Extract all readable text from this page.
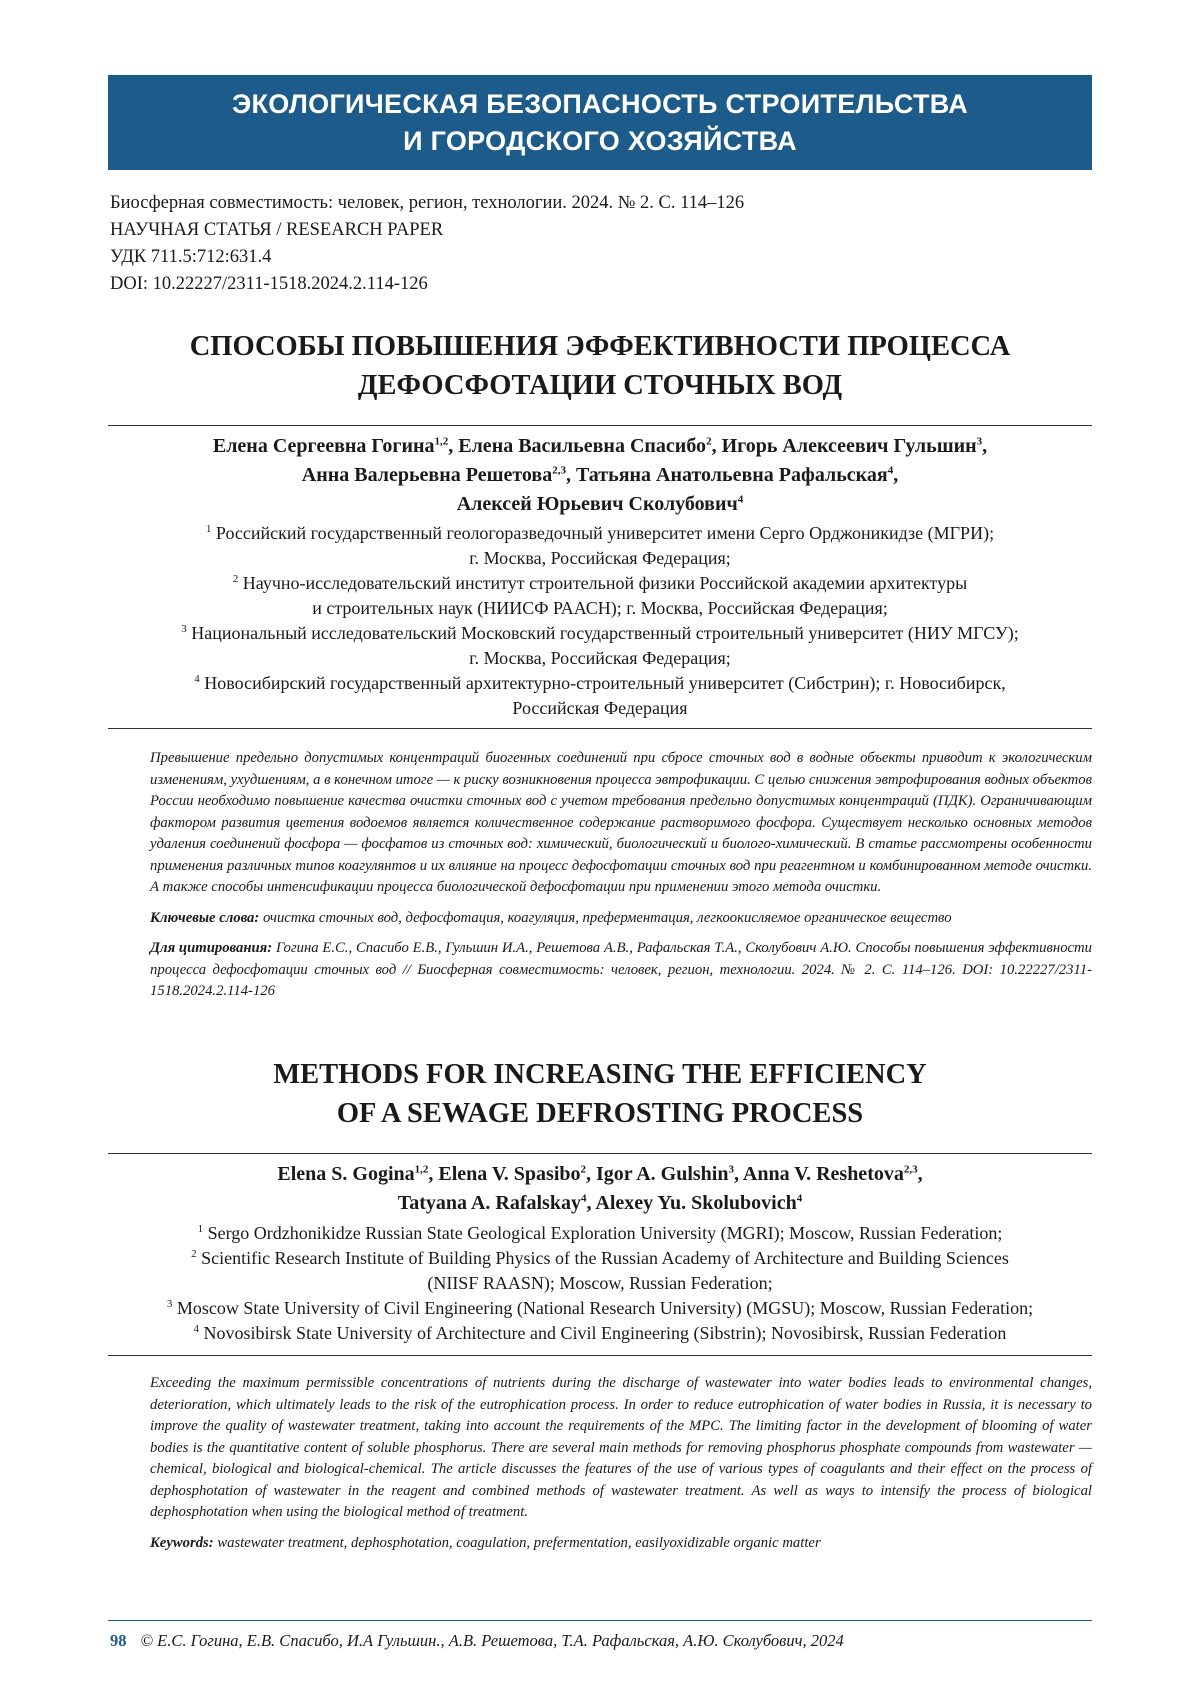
ЭКОЛОГИЧЕСКАЯ БЕЗОПАСНОСТЬ СТРОИТЕЛЬСТВА
И ГОРОДСКОГО ХОЗЯЙСТВА
Биосферная совместимость: человек, регион, технологии. 2024. № 2. С. 114–126
НАУЧНАЯ СТАТЬЯ / RESEARCH PAPER
УДК 711.5:712:631.4
DOI: 10.22227/2311-1518.2024.2.114-126
СПОСОБЫ ПОВЫШЕНИЯ ЭФФЕКТИВНОСТИ ПРОЦЕССА
ДЕФОСФОТАЦИИ СТОЧНЫХ ВОД
Елена Сергеевна Гогина$^{1,2}$, Елена Васильевна Спасибо$^2$, Игорь Алексеевич Гульшин$^3$,
Анна Валерьевна Решетова$^{2,3}$, Татьяна Анатольевна Рафальская$^4$,
Алексей Юрьевич Сколубович$^4$
$^1$ Российский государственный геологоразведочный университет имени Серго Орджоникидзе (МГРИ);
г. Москва, Российская Федерация;
$^2$ Научно-исследовательский институт строительной физики Российской академии архитектуры
и строительных наук (НИИСФ РААСН); г. Москва, Российская Федерация;
$^3$ Национальный исследовательский Московский государственный строительный университет (НИУ МГСУ);
г. Москва, Российская Федерация;
$^4$ Новосибирский государственный архитектурно-строительный университет (Сибстрин); г. Новосибирск,
Российская Федерация
Превышение предельно допустимых концентраций биогенных соединений при сбросе сточных вод в водные объекты приводит к экологическим изменениям, ухудшениям, а в конечном итоге — к риску возникновения процесса эвтрофикации. С целью снижения эвтрофирования водных объектов России необходимо повышение качества очистки сточных вод с учетом требования предельно допустимых концентраций (ПДК). Ограничивающим фактором развития цветения водоемов является количественное содержание растворимого фосфора. Существует несколько основных методов удаления соединений фосфора — фосфатов из сточных вод: химический, биологический и биолого-химический. В статье рассмотрены особенности применения различных типов коагулянтов и их влияние на процесс дефосфотации сточных вод при реагентном и комбинированном методе очистки. А также способы интенсификации процесса биологической дефосфотации при применении этого метода очистки.
Ключевые слова: очистка сточных вод, дефосфотация, коагуляция, преферментация, легкоокисляемое органическое вещество
Для цитирования: Гогина Е.С., Спасибо Е.В., Гульшин И.А., Решетова А.В., Рафальская Т.А., Сколубович А.Ю. Способы повышения эффективности процесса дефосфотации сточных вод // Биосферная совместимость: человек, регион, технологии. 2024. № 2. С. 114–126. DOI: 10.22227/2311-1518.2024.2.114-126
METHODS FOR INCREASING THE EFFICIENCY
OF A SEWAGE DEFROSTING PROCESS
Elena S. Gogina$^{1,2}$, Elena V. Spasibo$^2$, Igor A. Gulshin$^3$, Anna V. Reshetova$^{2,3}$,
Tatyana A. Rafalskay$^4$, Alexey Yu. Skolubovich$^4$
$^1$ Sergo Ordzhonikidze Russian State Geological Exploration University (MGRI); Moscow, Russian Federation;
$^2$ Scientific Research Institute of Building Physics of the Russian Academy of Architecture and Building Sciences
(NIISF RAASN); Moscow, Russian Federation;
$^3$ Moscow State University of Civil Engineering (National Research University) (MGSU); Moscow, Russian Federation;
$^4$ Novosibirsk State University of Architecture and Civil Engineering (Sibstrin); Novosibirsk, Russian Federation
Exceeding the maximum permissible concentrations of nutrients during the discharge of wastewater into water bodies leads to environmental changes, deterioration, which ultimately leads to the risk of the eutrophication process. In order to reduce eutrophication of water bodies in Russia, it is necessary to improve the quality of wastewater treatment, taking into account the requirements of the MPC. The limiting factor in the development of blooming of water bodies is the quantitative content of soluble phosphorus. There are several main methods for removing phosphorus phosphate compounds from wastewater — chemical, biological and biological-chemical. The article discusses the features of the use of various types of coagulants and their effect on the process of dephosphotation of wastewater in the reagent and combined methods of wastewater treatment. As well as ways to intensify the process of biological dephosphotation when using the biological method of treatment.
Keywords: wastewater treatment, dephosphotation, coagulation, prefermentation, easilyoxidizable organic matter
98 © Е.С. Гогина, Е.В. Спасибо, И.А Гульшин., А.В. Решетова, Т.А. Рафальская, А.Ю. Сколубович, 2024
